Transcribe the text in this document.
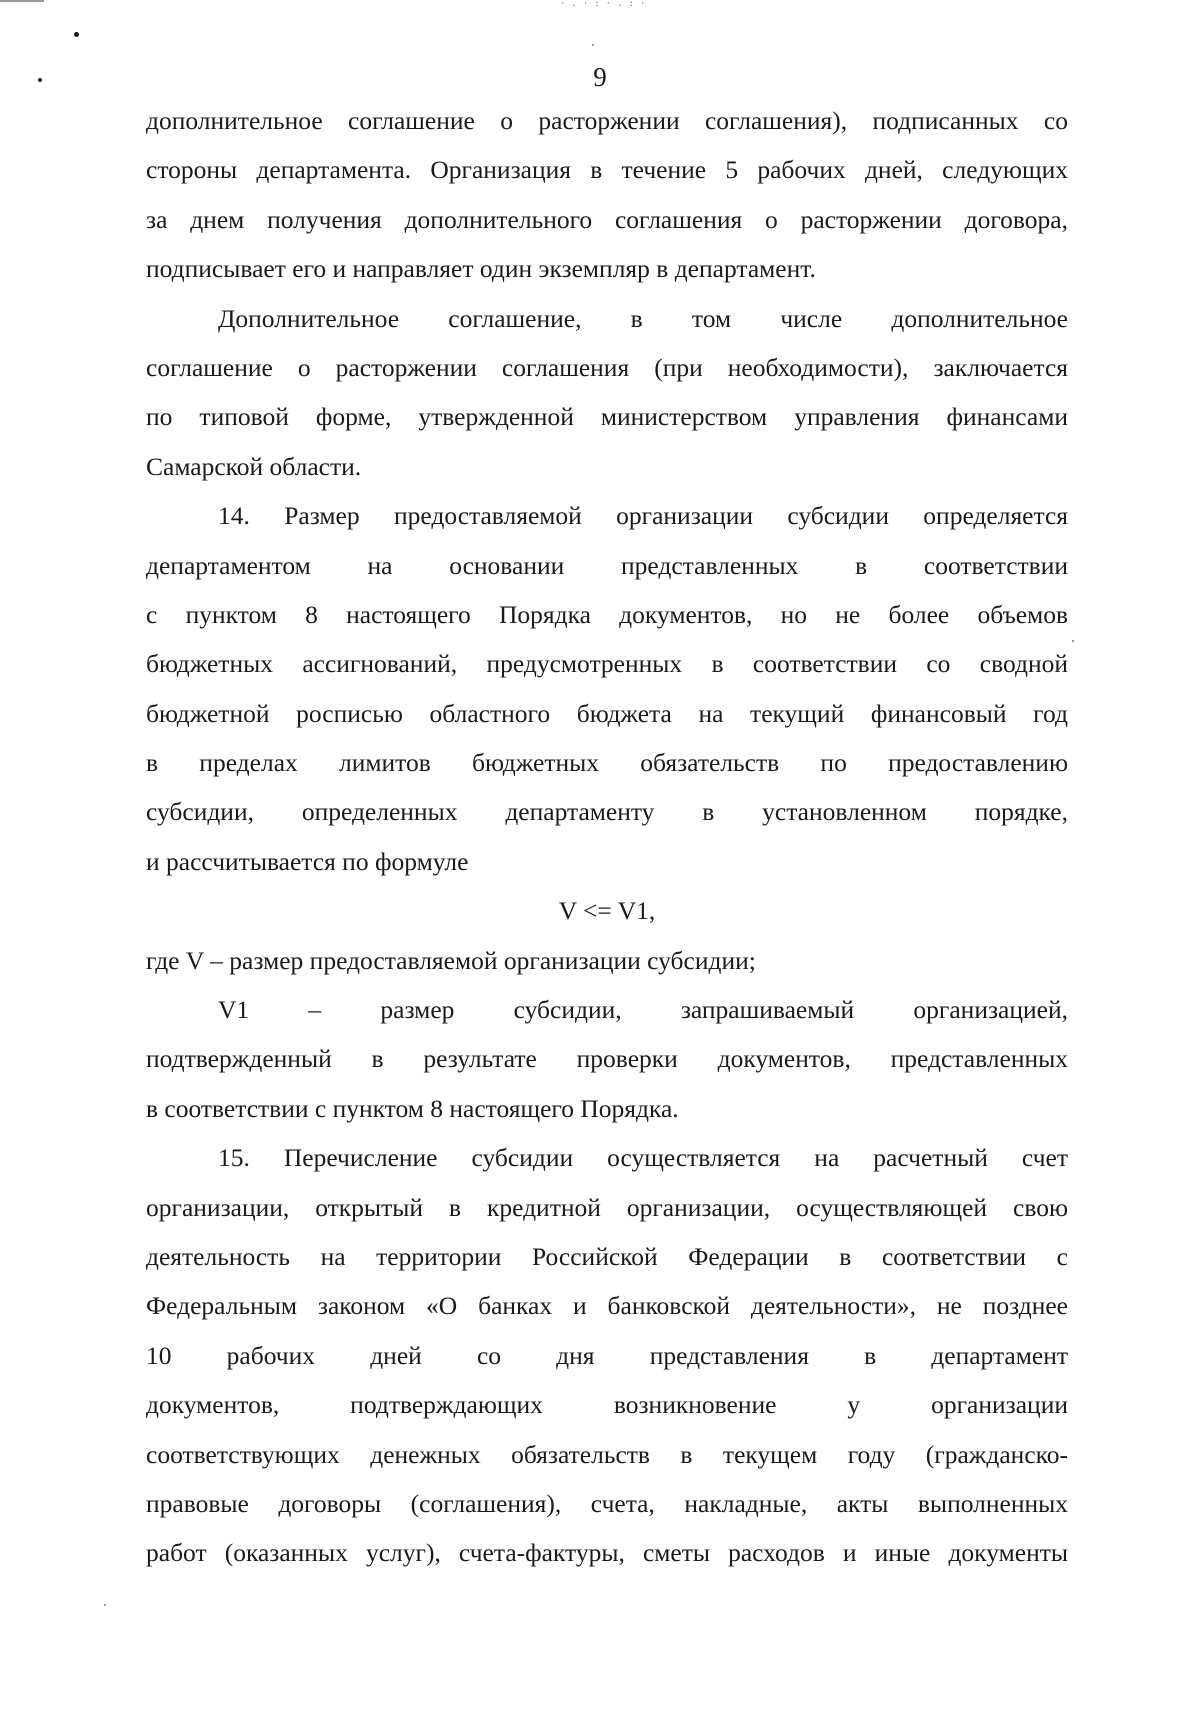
·.·:·.:·
9
дополнительное соглашение о расторжении соглашения), подписанных со
стороны департамента. Организация в течение 5 рабочих дней, следующих
за днем получения дополнительного соглашения о расторжении договора,
подписывает его и направляет один экземпляр в департамент.
Дополнительное соглашение, в том числе дополнительное
соглашение о расторжении соглашения (при необходимости), заключается
по типовой форме, утвержденной министерством управления финансами
Самарской области.
14. Размер предоставляемой организации субсидии определяется
департаментом на основании представленных в соответствии
с пунктом 8 настоящего Порядка документов, но не более объемов
бюджетных ассигнований, предусмотренных в соответствии со сводной
бюджетной росписью областного бюджета на текущий финансовый год
в пределах лимитов бюджетных обязательств по предоставлению
субсидии, определенных департаменту в установленном порядке,
и рассчитывается по формуле
V <= V1,
где V – размер предоставляемой организации субсидии;
V1 – размер субсидии, запрашиваемый организацией,
подтвержденный в результате проверки документов, представленных
в соответствии с пунктом 8 настоящего Порядка.
15. Перечисление субсидии осуществляется на расчетный счет
организации, открытый в кредитной организации, осуществляющей свою
деятельность на территории Российской Федерации в соответствии с
Федеральным законом «О банках и банковской деятельности», не позднее
10 рабочих дней со дня представления в департамент
документов, подтверждающих возникновение у организации
соответствующих денежных обязательств в текущем году (гражданско-
правовые договоры (соглашения), счета, накладные, акты выполненных
работ (оказанных услуг), счета-фактуры, сметы расходов и иные документы
